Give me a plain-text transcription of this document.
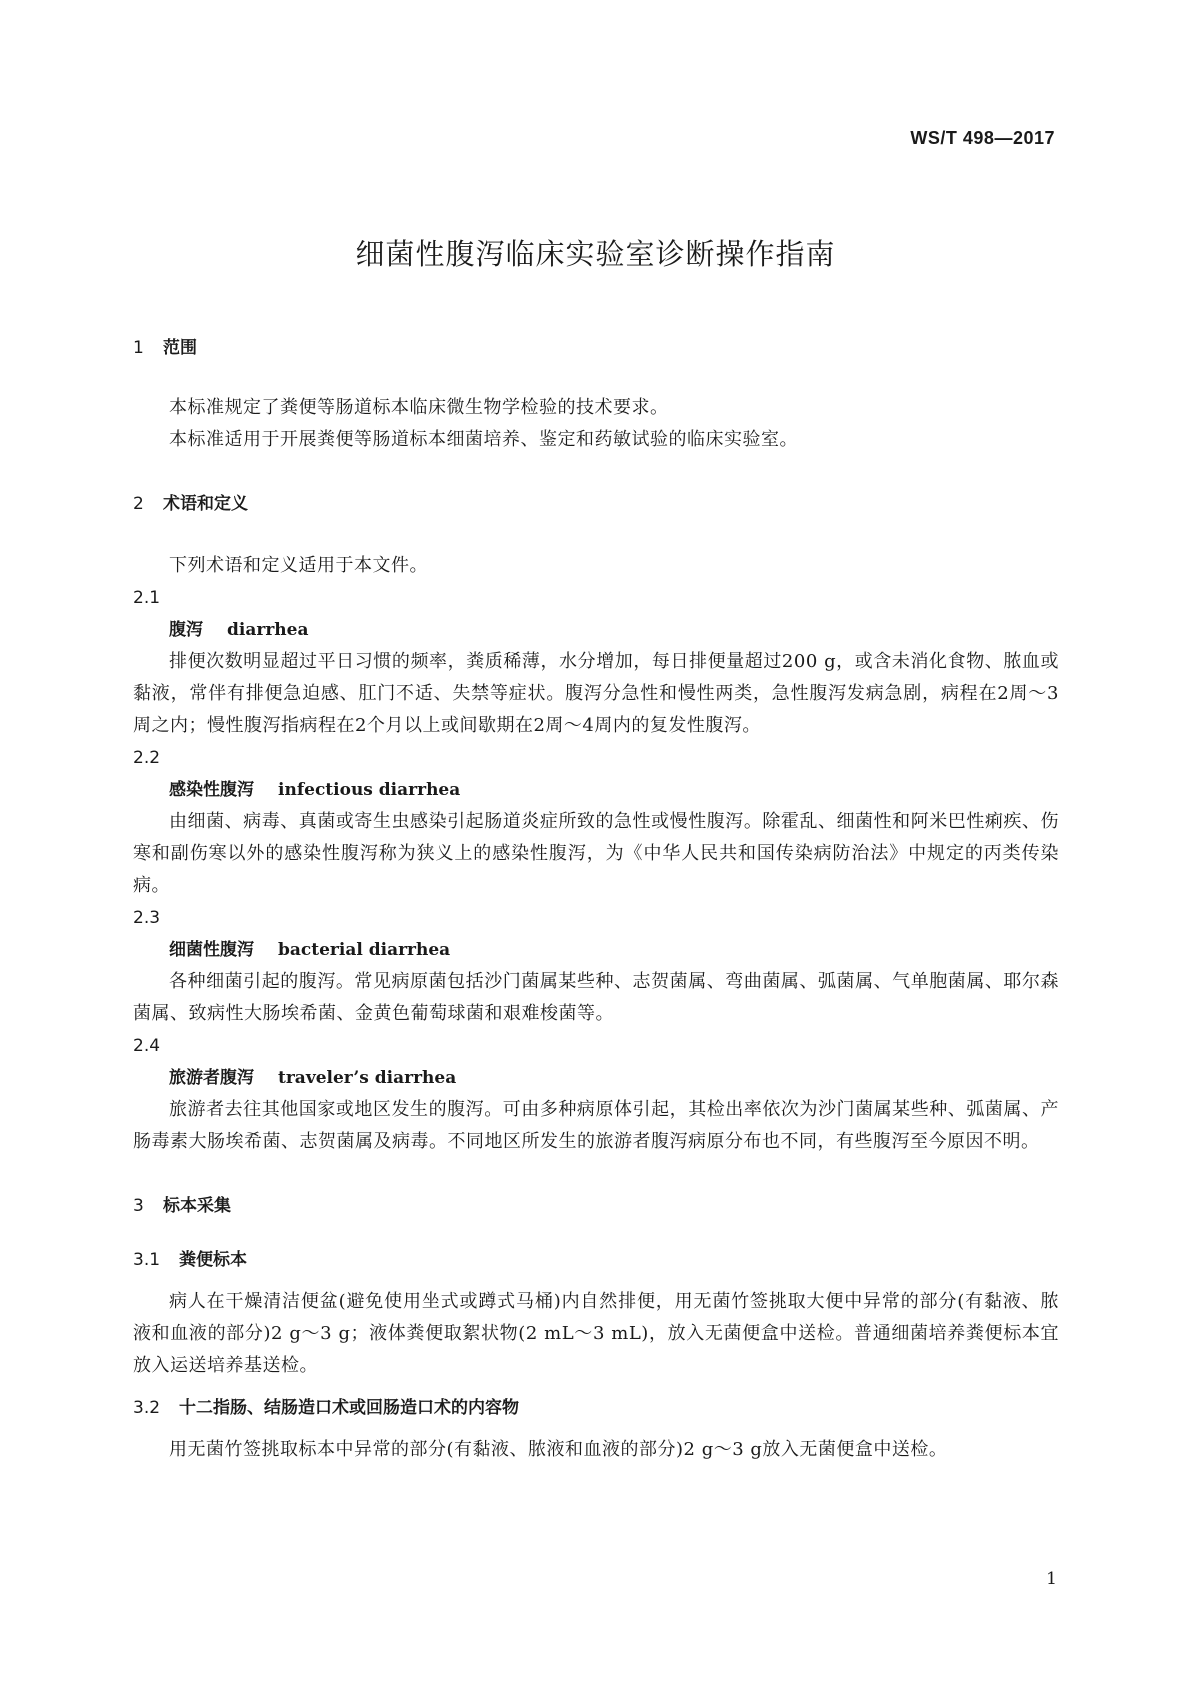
WS/T 498—2017
细菌性腹泻临床实验室诊断操作指南

1 范围

本标准规定了粪便等肠道标本临床微生物学检验的技术要求。

本标准适用于开展粪便等肠道标本细菌培养、鉴定和药敏试验的临床实验室。

2 术语和定义

下列术语和定义适用于本文件。

2.1

腹泻 diarrhea

排便次数明显超过平日习惯的频率，粪质稀薄，水分增加，每日排便量超过200 g，或含未消化食物、脓血或黏液，常伴有排便急迫感、肛门不适、失禁等症状。腹泻分急性和慢性两类，急性腹泻发病急剧，病程在2周～3周之内；慢性腹泻指病程在2个月以上或间歇期在2周～4周内的复发性腹泻。

2.2

感染性腹泻 infectious diarrhea

由细菌、病毒、真菌或寄生虫感染引起肠道炎症所致的急性或慢性腹泻。除霍乱、细菌性和阿米巴性痢疾、伤寒和副伤寒以外的感染性腹泻称为狭义上的感染性腹泻，为《中华人民共和国传染病防治法》中规定的丙类传染病。

2.3

细菌性腹泻 bacterial diarrhea

各种细菌引起的腹泻。常见病原菌包括沙门菌属某些种、志贺菌属、弯曲菌属、弧菌属、气单胞菌属、耶尔森菌属、致病性大肠埃希菌、金黄色葡萄球菌和艰难梭菌等。

2.4

旅游者腹泻 traveler’s diarrhea

旅游者去往其他国家或地区发生的腹泻。可由多种病原体引起，其检出率依次为沙门菌属某些种、弧菌属、产肠毒素大肠埃希菌、志贺菌属及病毒。不同地区所发生的旅游者腹泻病原分布也不同，有些腹泻至今原因不明。

3 标本采集

3.1 粪便标本

病人在干燥清洁便盆(避免使用坐式或蹲式马桶)内自然排便，用无菌竹签挑取大便中异常的部分(有黏液、脓液和血液的部分)2 g～3 g；液体粪便取絮状物(2 mL～3 mL)，放入无菌便盒中送检。普通细菌培养粪便标本宜放入运送培养基送检。

3.2 十二指肠、结肠造口术或回肠造口术的内容物

用无菌竹签挑取标本中异常的部分(有黏液、脓液和血液的部分)2 g～3 g放入无菌便盒中送检。

1
